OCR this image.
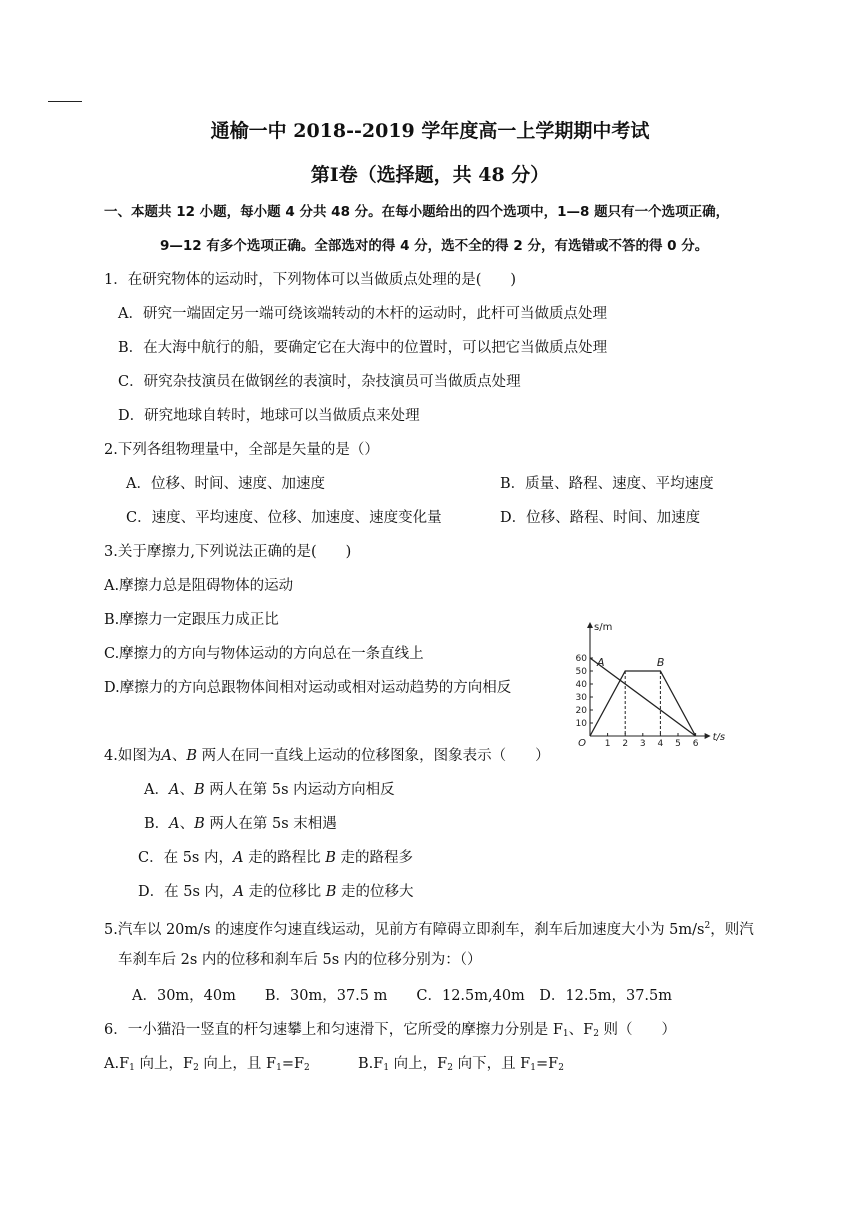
通榆一中 2018--2019 学年度高一上学期期中考试
第Ⅰ卷（选择题，共 48 分）
一、本题共 12 小题，每小题 4 分共 48 分。在每小题给出的四个选项中，1—8 题只有一个选项正确，
9—12 有多个选项正确。全部选对的得 4 分，选不全的得 2 分，有选错或不答的得 0 分。
1．在研究物体的运动时，下列物体可以当做质点处理的是(　　)
A．研究一端固定另一端可绕该端转动的木杆的运动时，此杆可当做质点处理
B．在大海中航行的船，要确定它在大海中的位置时，可以把它当做质点处理
C．研究杂技演员在做钢丝的表演时，杂技演员可当做质点处理
D．研究地球自转时，地球可以当做质点来处理
2.下列各组物理量中，全部是矢量的是（）
A．位移、时间、速度、加速度	B．质量、路程、速度、平均速度
C．速度、平均速度、位移、加速度、速度变化量	D．位移、路程、时间、加速度
3.关于摩擦力,下列说法正确的是(　　)
A.摩擦力总是阻碍物体的运动
B.摩擦力一定跟压力成正比
C.摩擦力的方向与物体运动的方向总在一条直线上
D.摩擦力的方向总跟物体间相对运动或相对运动趋势的方向相反
1 2 3 4 5 6
10
20
30
40
50
60 A	B
s/m
t/s
O
4.如图为A、B 两人在同一直线上运动的位移图象，图象表示（　　）
A．A、B 两人在第 5s 内运动方向相反
B．A、B 两人在第 5s 末相遇
C．在 5s 内，A 走的路程比 B 走的路程多
D．在 5s 内，A 走的位移比 B 走的位移大
5.汽车以 20m/s 的速度作匀速直线运动，见前方有障碍立即刹车，刹车后加速度大小为 $5m/s^2$，则汽
车刹车后 2s 内的位移和刹车后 5s 内的位移分别为：（）
A．30m，40m　　B．30m，37.5 m　　C．12.5m,40m　D．12.5m，37.5m
6．一小猫沿一竖直的杆匀速攀上和匀速滑下，它所受的摩擦力分别是 $F_1$、$F_2$ 则（　　）
$A.F_1$ 向上，$F_2$ 向上，且 $F_1=F_2$	$B.F_1$ 向上，$F_2$ 向下，且 $F_1=F_2$
